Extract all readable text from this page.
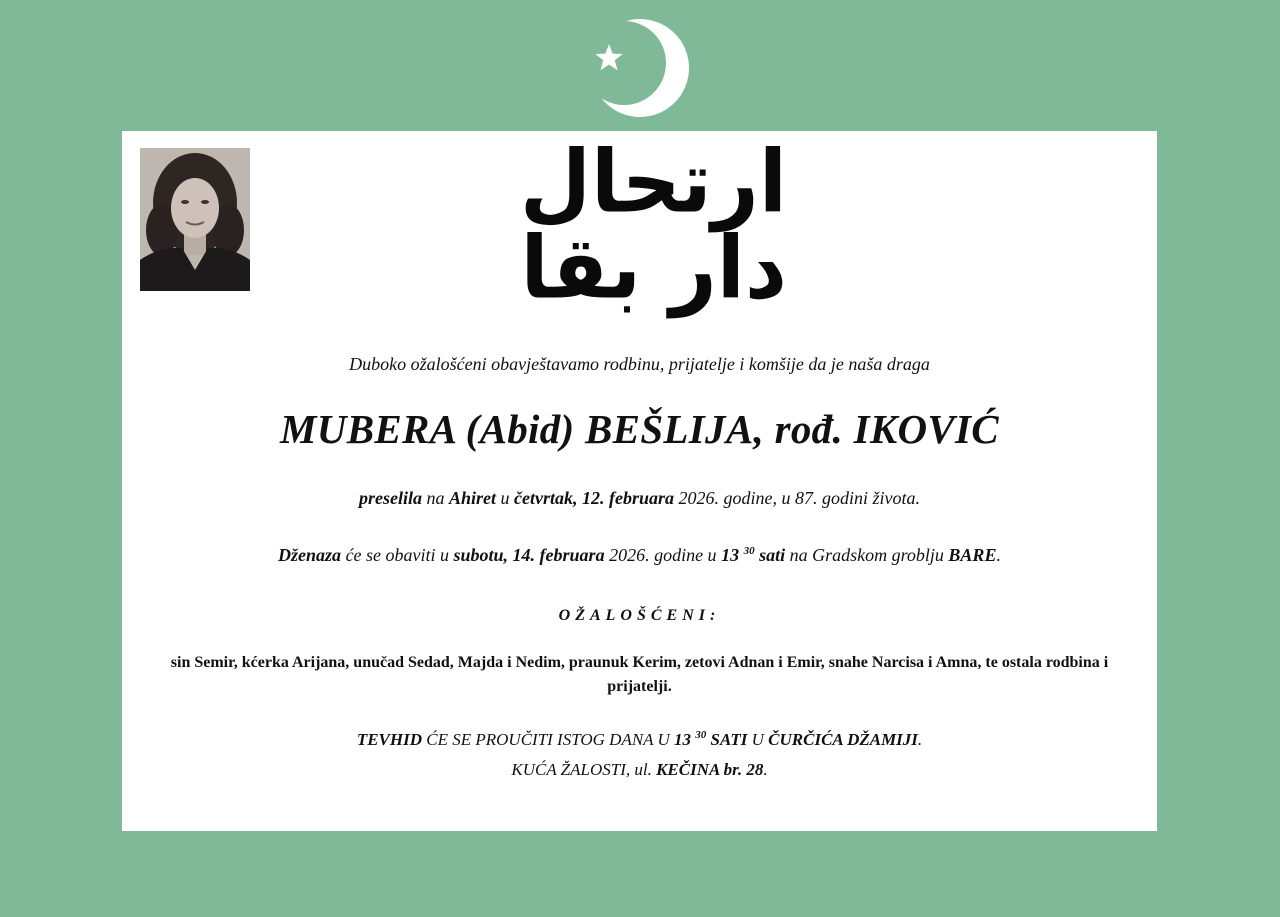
ارتحال دار بقا
Duboko ožalošćeni obavještavamo rodbinu, prijatelje i komšije da je naša draga
MUBERA (Abid) BEŠLIJA, rođ. IKOVIĆ
preselila na Ahiret u četvrtak, 12. februara 2026. godine, u 87. godini života.
Dženaza će se obaviti u subotu, 14. februara 2026. godine u 13 $^{30}$ sati na Gradskom groblju BARE.
OŽALOŠĆENI:
sin Semir, kćerka Arijana, unučad Sedad, Majda i Nedim, praunuk Kerim, zetovi Adnan i Emir, snahe Narcisa i Amna, te ostala rodbina i prijatelji.
TEVHID ĆE SE PROUČITI ISTOG DANA U 13 $^{30}$ SATI U ČURČIĆA DŽAMIJI.
KUĆA ŽALOSTI, ul. KEČINA br. 28.
